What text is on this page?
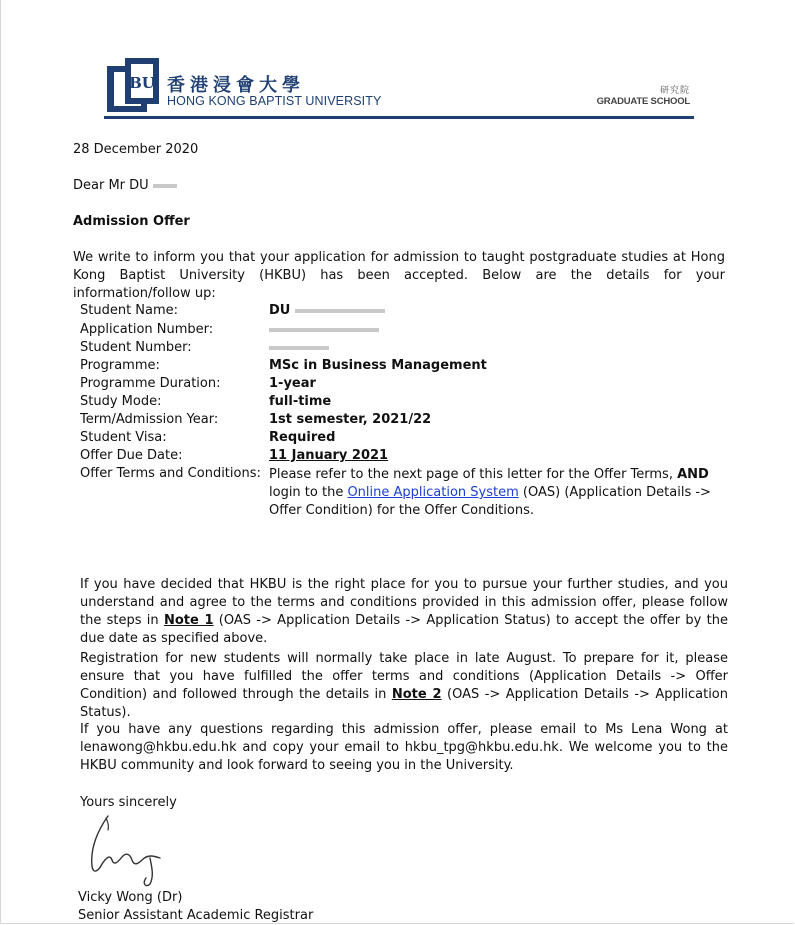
BU 香港浸會大學
HONG KONG BAPTIST UNIVERSITY
研究院
GRADUATE SCHOOL
28 December 2020
Dear Mr DU
Admission Offer
We write to inform you that your application for admission to taught postgraduate studies at Hong Kong Baptist University (HKBU) has been accepted. Below are the details for your information/follow up:
Student Name:	DU
Application Number:
Student Number:
Programme:	MSc in Business Management
Programme Duration:	1-year
Study Mode:	full-time
Term/Admission Year:	1st semester, 2021/22
Student Visa:	Required
Offer Due Date:	11 January 2021
Offer Terms and Conditions: Please refer to the next page of this letter for the Offer Terms, AND login to the Online Application System (OAS) (Application Details -> Offer Condition) for the Offer Conditions.
If you have decided that HKBU is the right place for you to pursue your further studies, and you understand and agree to the terms and conditions provided in this admission offer, please follow the steps in Note 1 (OAS -> Application Details -> Application Status) to accept the offer by the due date as specified above.
Registration for new students will normally take place in late August. To prepare for it, please ensure that you have fulfilled the offer terms and conditions (Application Details -> Offer Condition) and followed through the details in Note 2 (OAS -> Application Details -> Application Status).
If you have any questions regarding this admission offer, please email to Ms Lena Wong at lenawong@hkbu.edu.hk and copy your email to hkbu_tpg@hkbu.edu.hk. We welcome you to the HKBU community and look forward to seeing you in the University.
Yours sincerely
Vicky Wong (Dr)
Senior Assistant Academic Registrar
